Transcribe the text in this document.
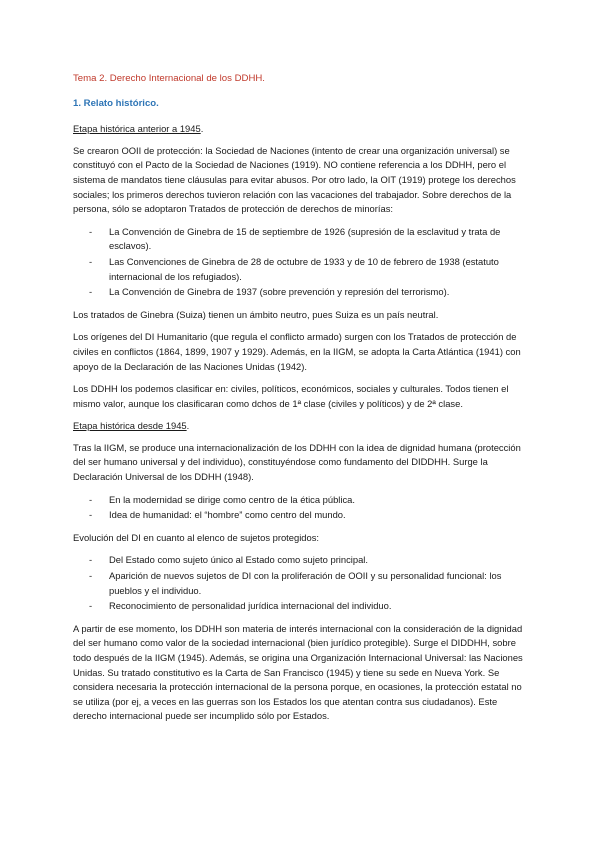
Tema 2. Derecho Internacional de los DDHH.

1. Relato histórico.

Etapa histórica anterior a 1945.

Se crearon OOII de protección: la Sociedad de Naciones (intento de crear una organización universal) se constituyó con el Pacto de la Sociedad de Naciones (1919). NO contiene referencia a los DDHH, pero el sistema de mandatos tiene cláusulas para evitar abusos. Por otro lado, la OIT (1919) protege los derechos sociales; los primeros derechos tuvieron relación con las vacaciones del trabajador. Sobre derechos de la persona, sólo se adoptaron Tratados de protección de derechos de minorías:

- La Convención de Ginebra de 15 de septiembre de 1926 (supresión de la esclavitud y trata de esclavos).
- Las Convenciones de Ginebra de 28 de octubre de 1933 y de 10 de febrero de 1938 (estatuto internacional de los refugiados).
- La Convención de Ginebra de 1937 (sobre prevención y represión del terrorismo).

Los tratados de Ginebra (Suiza) tienen un ámbito neutro, pues Suiza es un país neutral.

Los orígenes del DI Humanitario (que regula el conflicto armado) surgen con los Tratados de protección de civiles en conflictos (1864, 1899, 1907 y 1929). Además, en la IIGM, se adopta la Carta Atlántica (1941) con apoyo de la Declaración de las Naciones Unidas (1942).

Los DDHH los podemos clasificar en: civiles, políticos, económicos, sociales y culturales. Todos tienen el mismo valor, aunque los clasificaran como dchos de 1ª clase (civiles y políticos) y de 2ª clase.

Etapa histórica desde 1945.

Tras la IIGM, se produce una internacionalización de los DDHH con la idea de dignidad humana (protección del ser humano universal y del individuo), constituyéndose como fundamento del DIDDHH. Surge la Declaración Universal de los DDHH (1948).

- En la modernidad se dirige como centro de la ética pública.
- Idea de humanidad: el “hombre” como centro del mundo.

Evolución del DI en cuanto al elenco de sujetos protegidos:

- Del Estado como sujeto único al Estado como sujeto principal.
- Aparición de nuevos sujetos de DI con la proliferación de OOII y su personalidad funcional: los pueblos y el individuo.
- Reconocimiento de personalidad jurídica internacional del individuo.

A partir de ese momento, los DDHH son materia de interés internacional con la consideración de la dignidad del ser humano como valor de la sociedad internacional (bien jurídico protegible). Surge el DIDDHH, sobre todo después de la IIGM (1945). Además, se origina una Organización Internacional Universal: las Naciones Unidas. Su tratado constitutivo es la Carta de San Francisco (1945) y tiene su sede en Nueva York. Se considera necesaria la protección internacional de la persona porque, en ocasiones, la protección estatal no se utiliza (por ej, a veces en las guerras son los Estados los que atentan contra sus ciudadanos). Este derecho internacional puede ser incumplido sólo por Estados.
